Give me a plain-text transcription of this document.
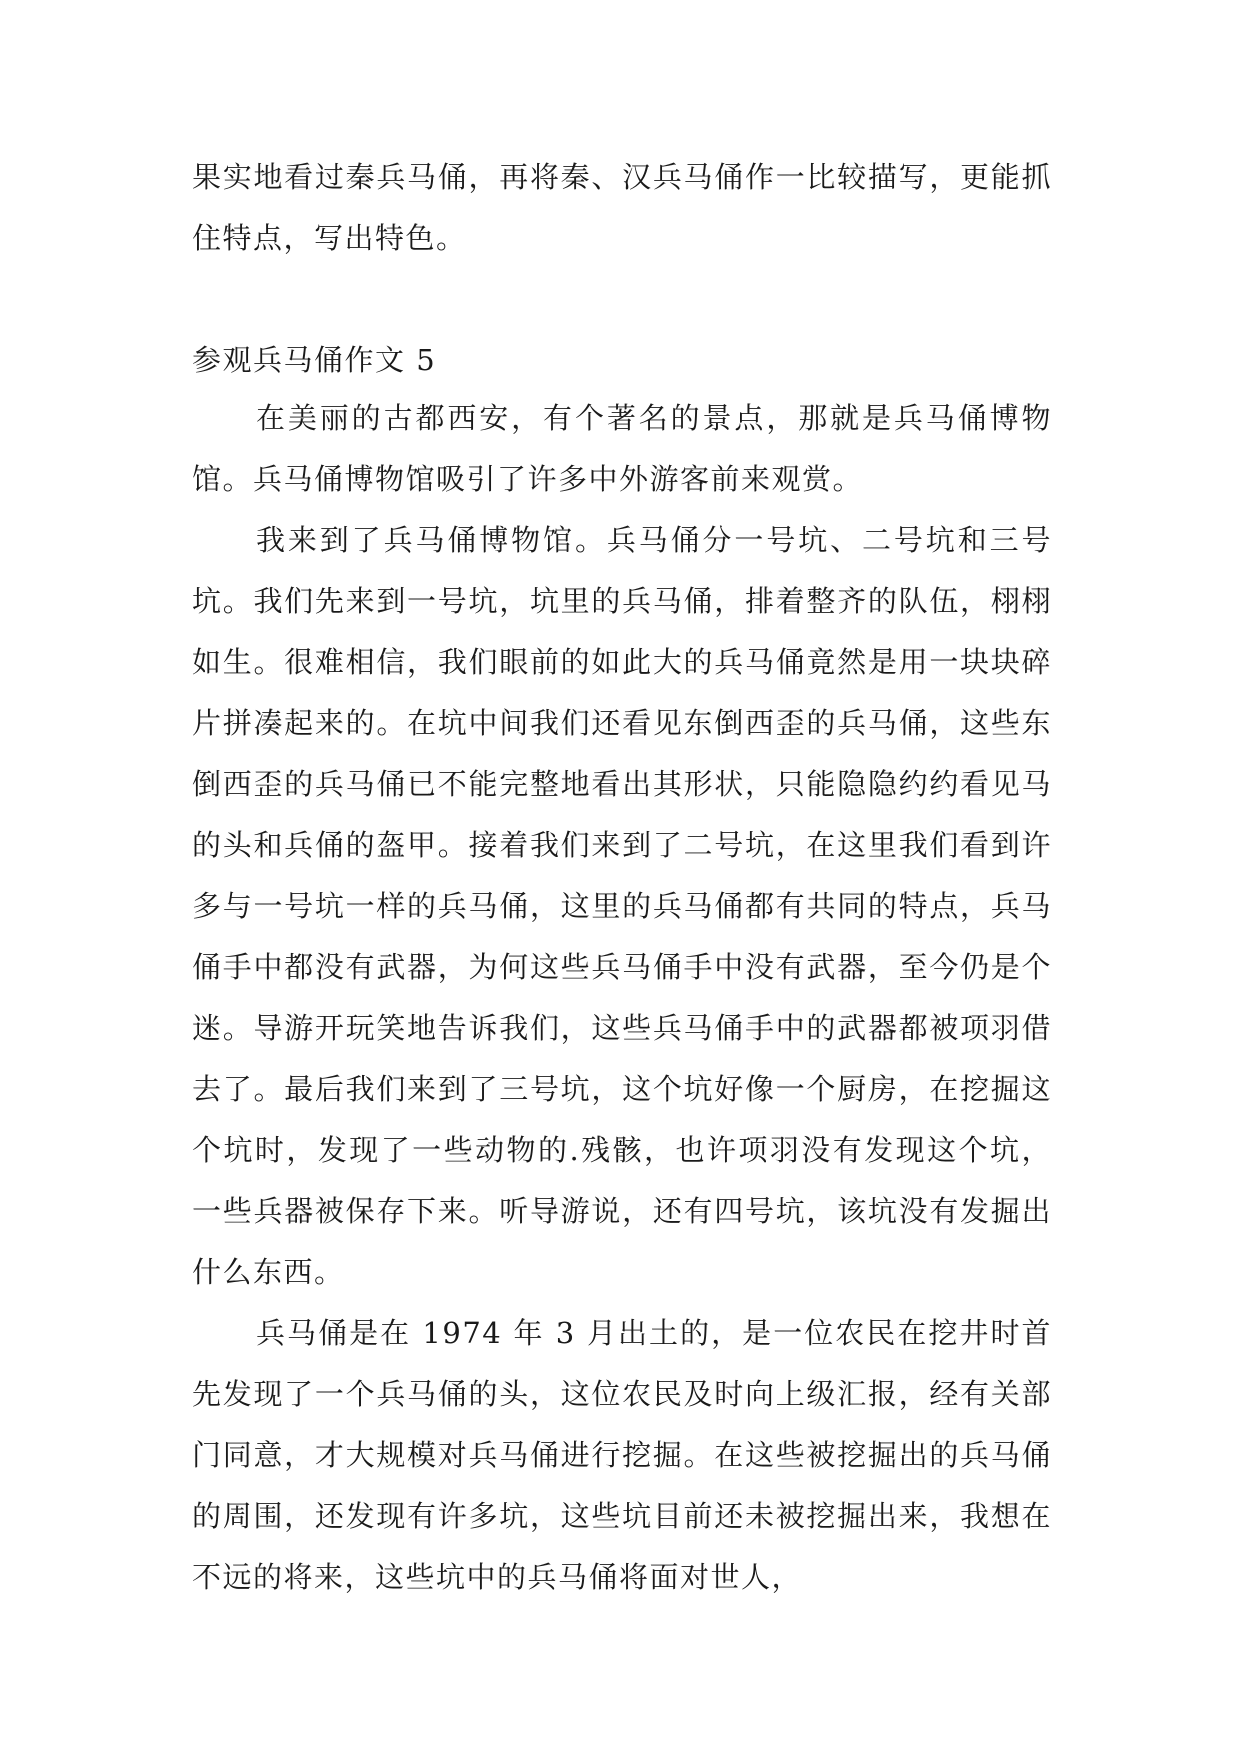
果实地看过秦兵马俑，再将秦、汉兵马俑作一比较描写，更能抓住特点，写出特色。

参观兵马俑作文 5

在美丽的古都西安，有个著名的景点，那就是兵马俑博物馆。兵马俑博物馆吸引了许多中外游客前来观赏。

我来到了兵马俑博物馆。兵马俑分一号坑、二号坑和三号坑。我们先来到一号坑，坑里的兵马俑，排着整齐的队伍，栩栩如生。很难相信，我们眼前的如此大的兵马俑竟然是用一块块碎片拼凑起来的。在坑中间我们还看见东倒西歪的兵马俑，这些东倒西歪的兵马俑已不能完整地看出其形状，只能隐隐约约看见马的头和兵俑的盔甲。接着我们来到了二号坑，在这里我们看到许多与一号坑一样的兵马俑，这里的兵马俑都有共同的特点，兵马俑手中都没有武器，为何这些兵马俑手中没有武器，至今仍是个迷。导游开玩笑地告诉我们，这些兵马俑手中的武器都被项羽借去了。最后我们来到了三号坑，这个坑好像一个厨房，在挖掘这个坑时，发现了一些动物的.残骸，也许项羽没有发现这个坑，一些兵器被保存下来。听导游说，还有四号坑，该坑没有发掘出什么东西。

兵马俑是在 1974 年 3 月出土的，是一位农民在挖井时首先发现了一个兵马俑的头，这位农民及时向上级汇报，经有关部门同意，才大规模对兵马俑进行挖掘。在这些被挖掘出的兵马俑的周围，还发现有许多坑，这些坑目前还未被挖掘出来，我想在不远的将来，这些坑中的兵马俑将面对世人，
